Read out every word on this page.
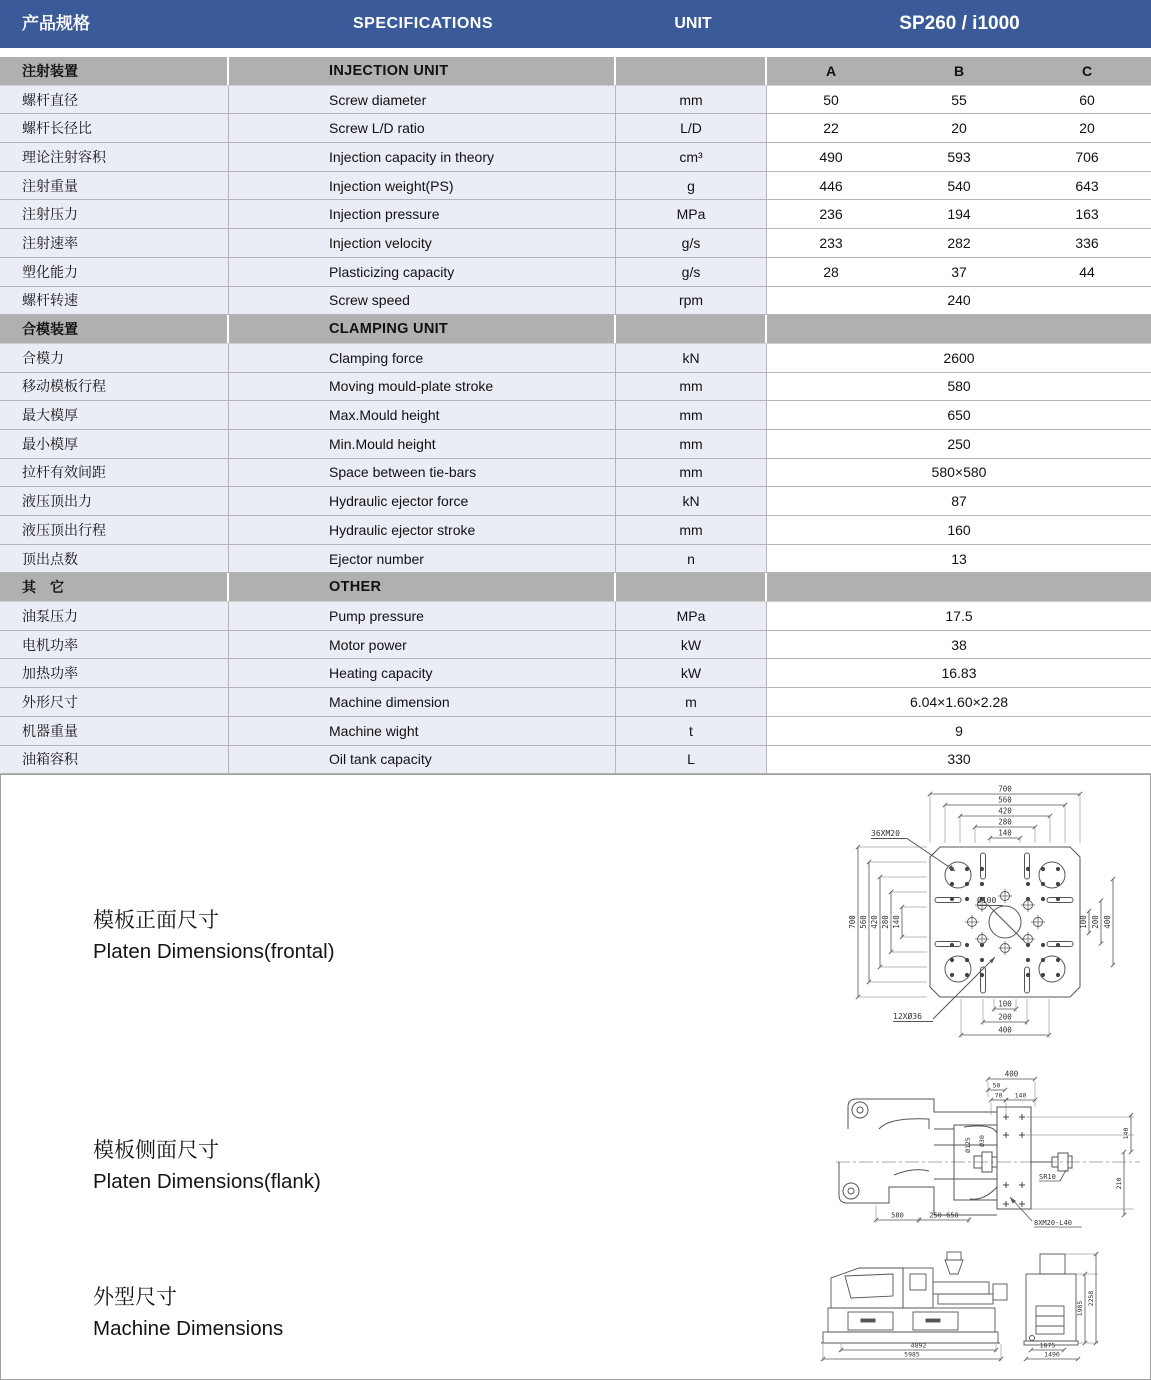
产品规格	SPECIFICATIONS	UNIT	SP260 / i1000
注射装置	INJECTION UNIT	A	B	C
螺杆直径	Screw diameter	mm	50	55	60
螺杆长径比	Screw L/D ratio	L/D	22	20	20
理论注射容积	Injection capacity in theory	cm³	490	593	706
注射重量	Injection weight(PS)	g	446	540	643
注射压力	Injection pressure	MPa	236	194	163
注射速率	Injection velocity	g/s	233	282	336
塑化能力	Plasticizing capacity	g/s	28	37	44
螺杆转速	Screw speed	rpm	240
合模装置	CLAMPING UNIT
合模力	Clamping force	kN	2600
移动模板行程	Moving mould-plate stroke	mm	580
最大模厚	Max.Mould height	mm	650
最小模厚	Min.Mould height	mm	250
拉杆有效间距	Space between tie-bars	mm	580×580
液压顶出力	Hydraulic ejector force	kN	87
液压顶出行程	Hydraulic ejector stroke	mm	160
顶出点数	Ejector number	n	13
其　它	OTHER
油泵压力	Pump pressure	MPa	17.5
电机功率	Motor power	kW	38
加热功率	Heating capacity	kW	16.83
外形尺寸	Machine dimension	m	6.04×1.60×2.28
机器重量	Machine wight	t	9
油箱容积	Oil tank capacity	L	330
模板正面尺寸
Platen Dimensions(frontal)
140
140
280
280
420
420
560
560
700
700	100 200 400
100
200
400
36XM20
Ø100
12XØ36
模板侧面尺寸
Platen Dimensions(flank)
400
50
70 140
140
210
580	250-650
Ø125 Ø30
SR10
8XM20-L40
外型尺寸
Machine Dimensions
4892
5985
1875
1490
1985
2258
